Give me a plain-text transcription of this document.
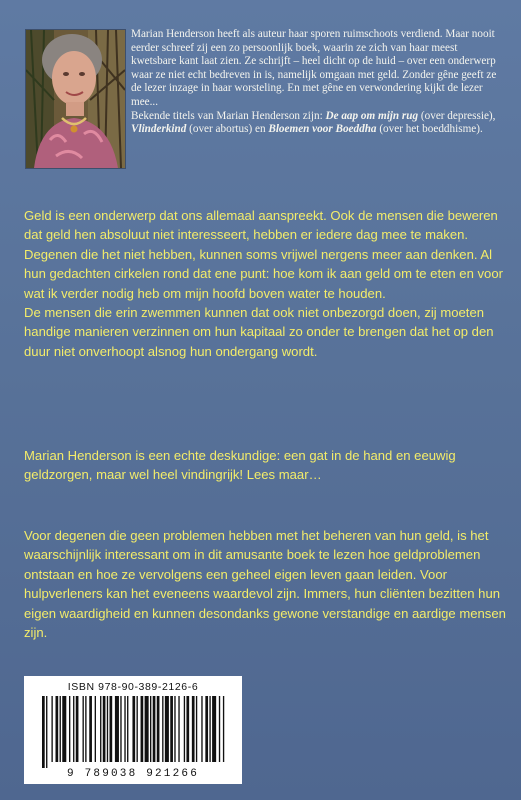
Marian Henderson heeft als auteur haar sporen ruimschoots verdiend. Maar nooit eerder schreef zij een zo persoonlijk boek, waarin ze zich van haar meest kwetsbare kant laat zien. Ze schrijft – heel dicht op de huid – over een onderwerp waar ze niet echt bedreven in is, namelijk omgaan met geld. Zonder gêne geeft ze de lezer inzage in haar worsteling. En met gêne en verwondering kijkt de lezer mee...

Bekende titels van Marian Henderson zijn: De aap om mijn rug (over depressie), Vlinderkind (over abortus) en Bloemen voor Boeddha (over het boeddhisme).

Geld is een onderwerp dat ons allemaal aanspreekt. Ook de mensen die beweren dat geld hen absoluut niet interesseert, hebben er iedere dag mee te maken. Degenen die het niet hebben, kunnen soms vrijwel nergens meer aan denken. Al hun gedachten cirkelen rond dat ene punt: hoe kom ik aan geld om te eten en voor wat ik verder nodig heb om mijn hoofd boven water te houden.
De mensen die erin zwemmen kunnen dat ook niet onbezorgd doen, zij moeten handige manieren verzinnen om hun kapitaal zo onder te brengen dat het op den duur niet onverhoopt alsnog hun ondergang wordt.
Marian Henderson is een echte deskundige: een gat in de hand en eeuwig geldzorgen, maar wel heel vindingrijk! Lees maar…
Voor degenen die geen problemen hebben met het beheren van hun geld, is het waarschijnlijk interessant om in dit amusante boek te lezen hoe geldproblemen ontstaan en hoe ze vervolgens een geheel eigen leven gaan leiden. Voor hulpverleners kan het eveneens waardevol zijn. Immers, hun cliënten bezitten hun eigen waardigheid en kunnen desondanks gewone verstandige en aardige mensen zijn.
ISBN 978-90-389-2126-6
9 789038 921266
